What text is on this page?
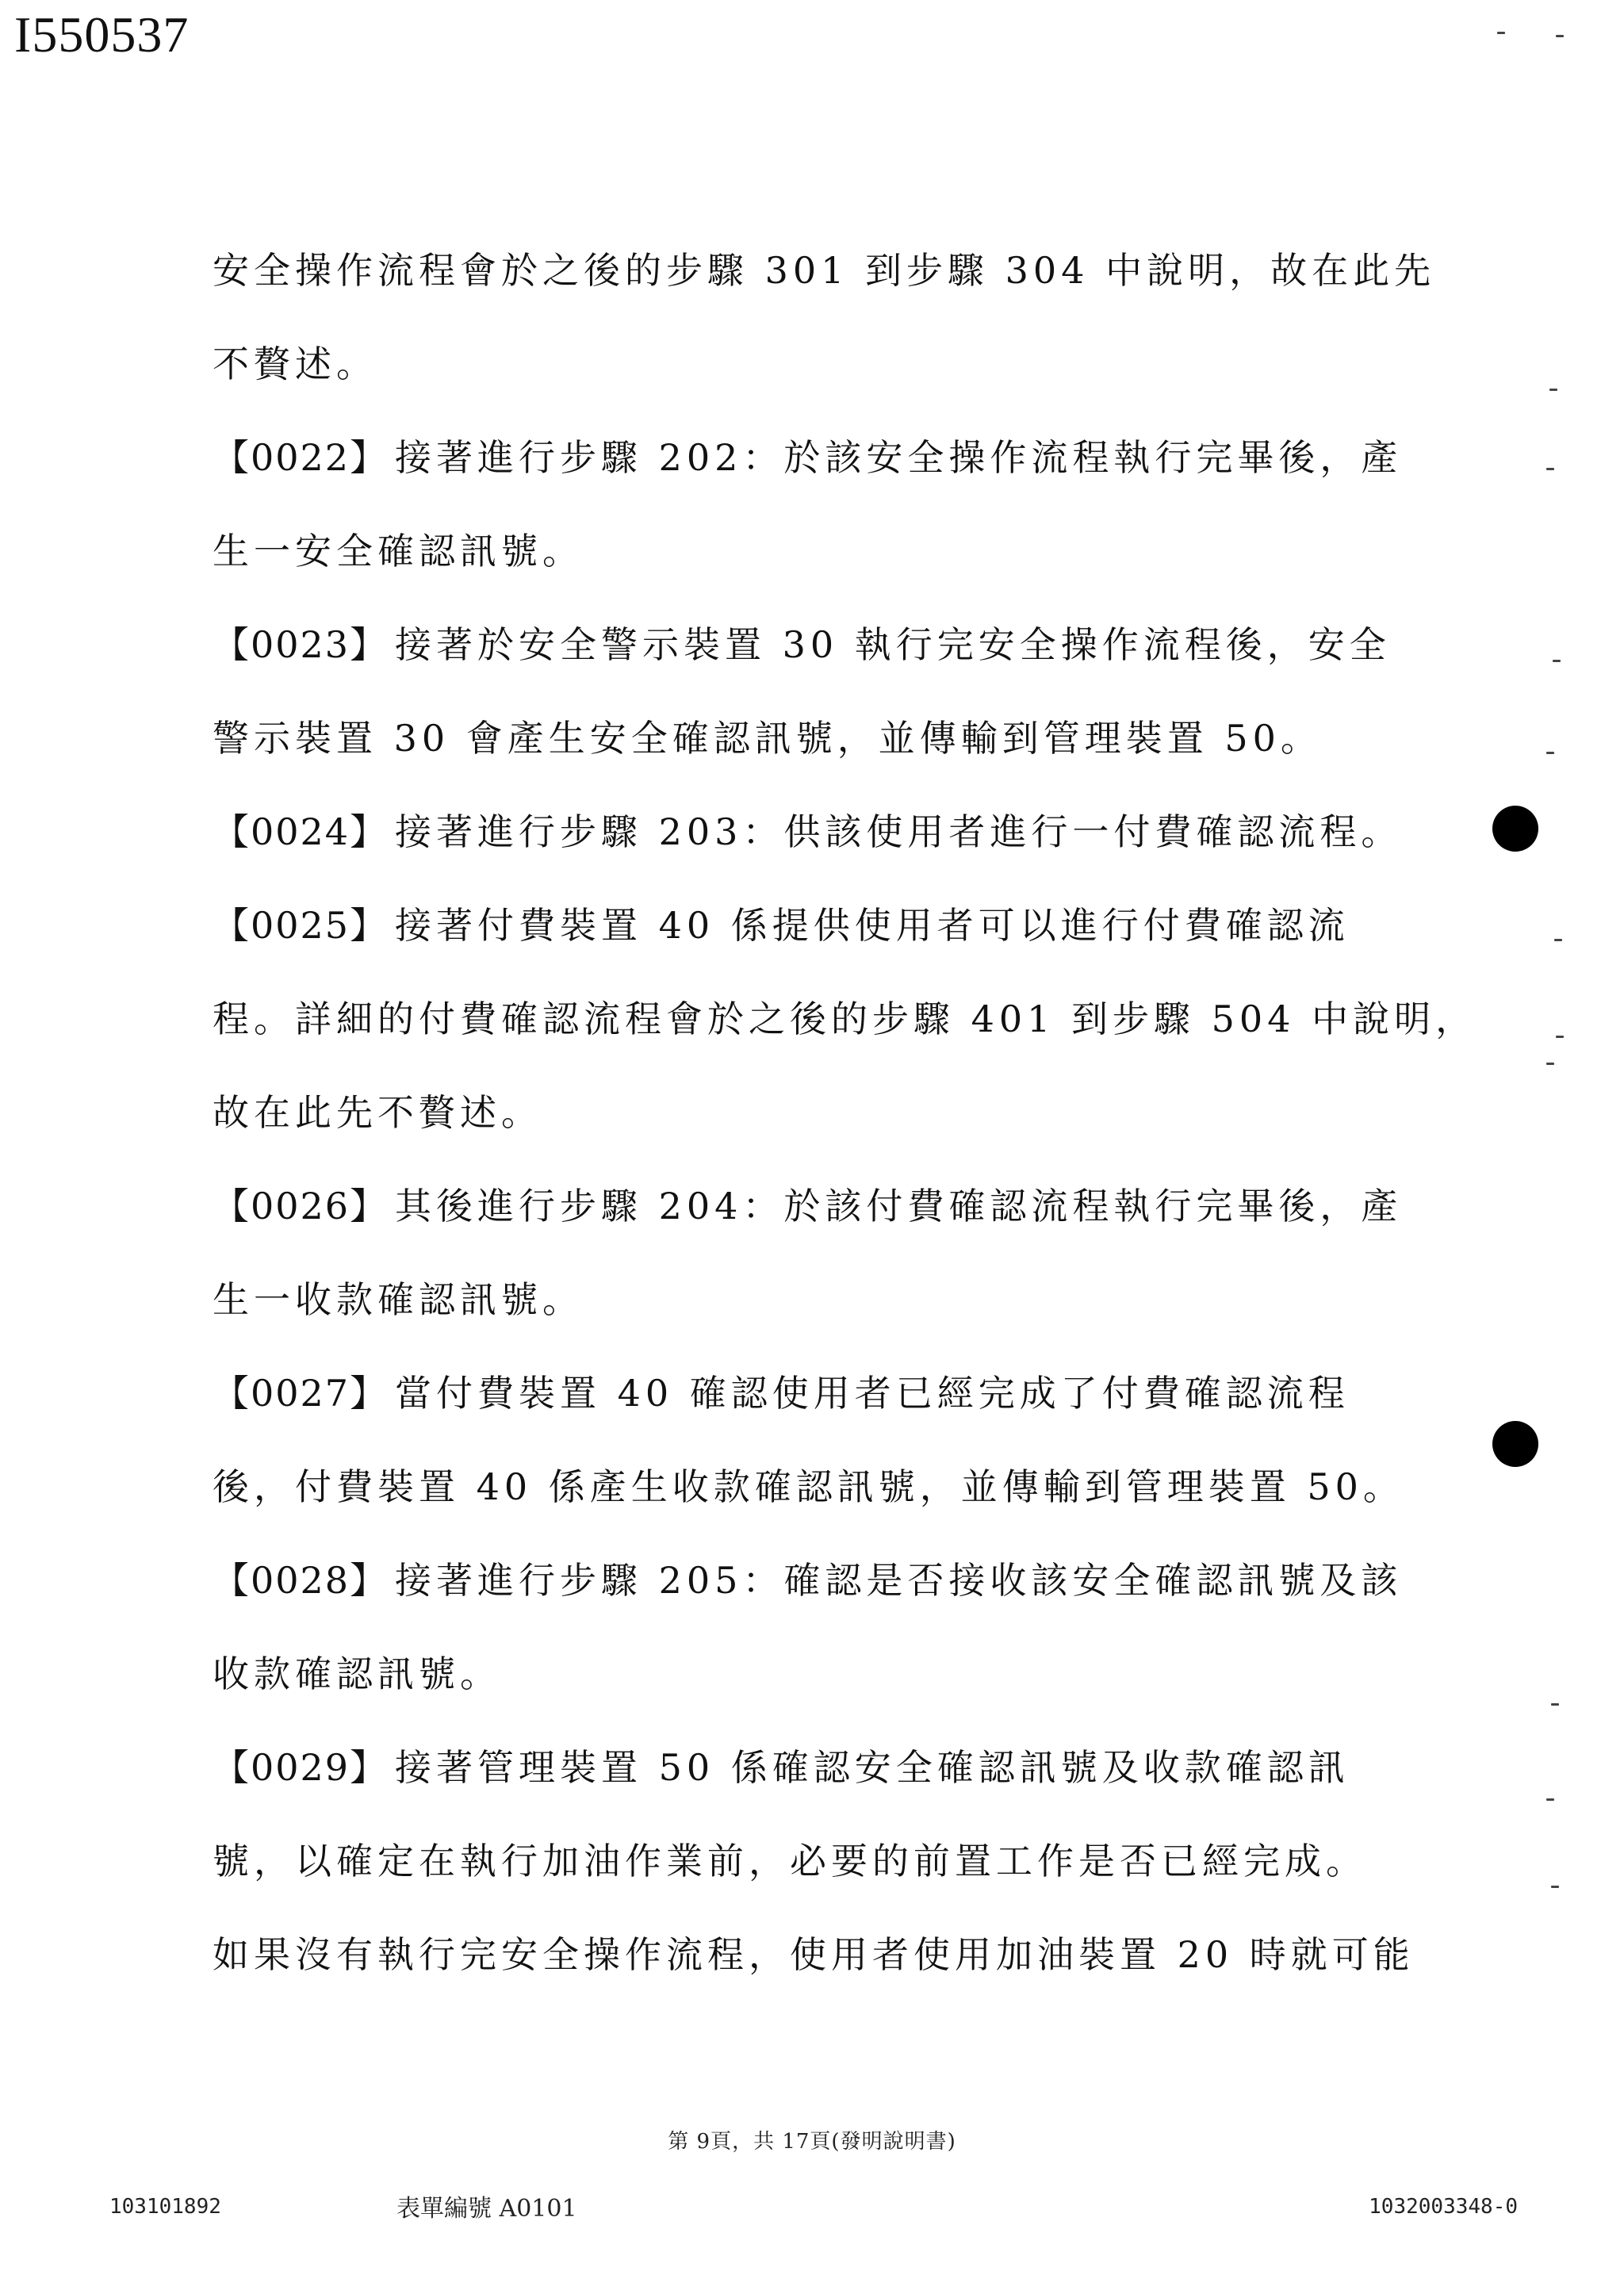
I550537
安全操作流程會於之後的步驟 301 到步驟 304 中說明，故在此先
不贅述。
【0022】 接著進行步驟 202：於該安全操作流程執行完畢後，產
生一安全確認訊號。
【0023】 接著於安全警示裝置 30 執行完安全操作流程後，安全
警示裝置 30 會產生安全確認訊號，並傳輸到管理裝置 50。
【0024】 接著進行步驟 203：供該使用者進行一付費確認流程。
【0025】 接著付費裝置 40 係提供使用者可以進行付費確認流
程。詳細的付費確認流程會於之後的步驟 401 到步驟 504 中說明，
故在此先不贅述。
【0026】 其後進行步驟 204：於該付費確認流程執行完畢後，產
生一收款確認訊號。
【0027】 當付費裝置 40 確認使用者已經完成了付費確認流程
後，付費裝置 40 係產生收款確認訊號，並傳輸到管理裝置 50。
【0028】 接著進行步驟 205：確認是否接收該安全確認訊號及該
收款確認訊號。
【0029】 接著管理裝置 50 係確認安全確認訊號及收款確認訊
號，以確定在執行加油作業前，必要的前置工作是否已經完成。
如果沒有執行完安全操作流程，使用者使用加油裝置 20 時就可能
第 9頁，共 17頁(發明說明書)
103101892	表單編號 A0101	1032003348-0
